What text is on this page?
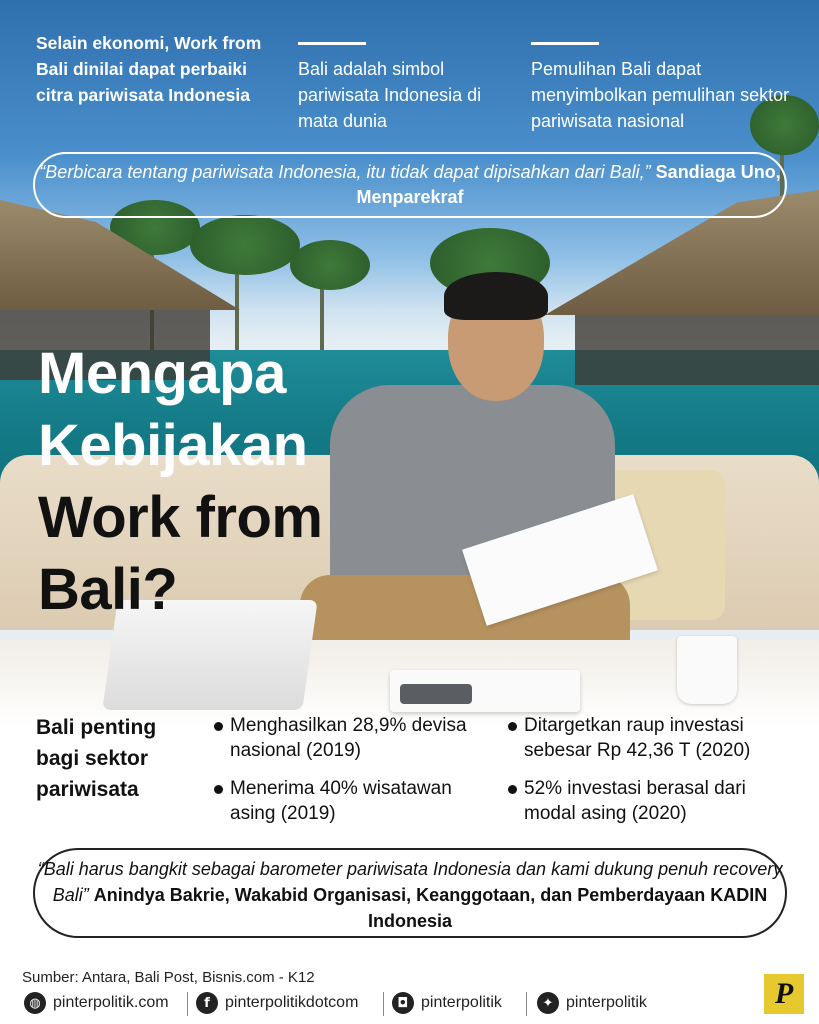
Selain ekonomi, Work from Bali dinilai dapat perbaiki citra pariwisata Indonesia
Bali adalah simbol pariwisata Indonesia di mata dunia
Pemulihan Bali dapat menyimbolkan pemulihan sektor pariwisata nasional
“Berbicara tentang pariwisata Indonesia, itu tidak dapat dipisahkan dari Bali,” Sandiaga Uno, Menparekraf
Mengapa
Kebijakan
Work from
Bali?
Bali penting bagi sektor pariwisata
Menghasilkan 28,9% devisa nasional (2019)
Menerima 40% wisatawan asing (2019)
Ditargetkan raup investasi sebesar Rp 42,36 T (2020)
52% investasi berasal dari modal asing (2020)
“Bali harus bangkit sebagai barometer pariwisata Indonesia dan kami dukung penuh recovery Bali” Anindya Bakrie, Wakabid Organisasi, Keanggotaan, dan Pemberdayaan KADIN Indonesia
Sumber: Antara, Bali Post, Bisnis.com - K12
◍ pinterpolitik.com	f pinterpolitikdotcom	◘ pinterpolitik	✦ pinterpolitik	P
